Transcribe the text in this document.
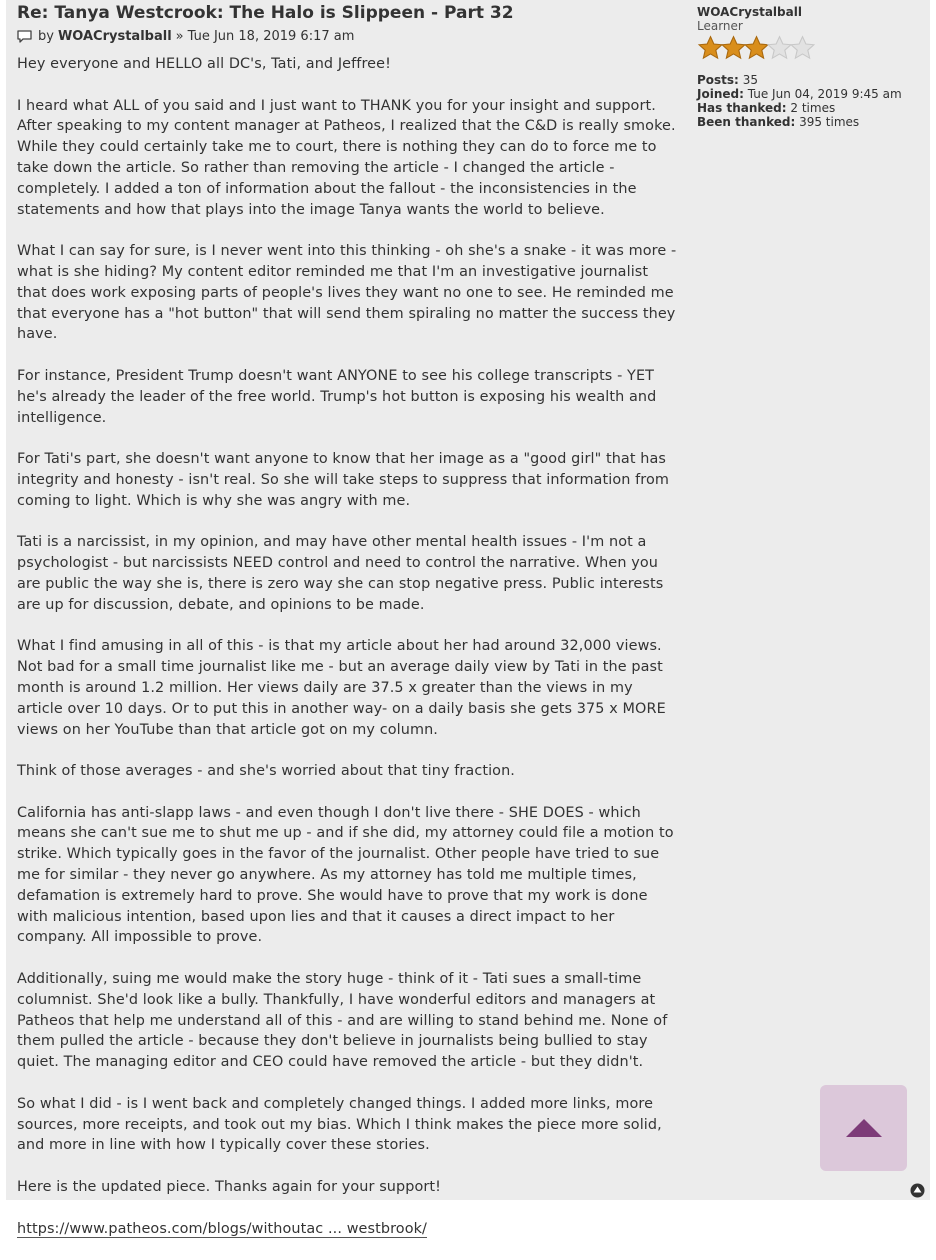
Re: Tanya Westcrook: The Halo is Slippeen - Part 32
by WOACrystalball » Tue Jun 18, 2019 6:17 am

Hey everyone and HELLO all DC's, Tati, and Jeffree!

I heard what ALL of you said and I just want to THANK you for your insight and support. After speaking to my content manager at Patheos, I realized that the C&D is really smoke. While they could certainly take me to court, there is nothing they can do to force me to take down the article. So rather than removing the article - I changed the article - completely. I added a ton of information about the fallout - the inconsistencies in the statements and how that plays into the image Tanya wants the world to believe.

What I can say for sure, is I never went into this thinking - oh she's a snake - it was more - what is she hiding? My content editor reminded me that I'm an investigative journalist that does work exposing parts of people's lives they want no one to see. He reminded me that everyone has a "hot button" that will send them spiraling no matter the success they have.

For instance, President Trump doesn't want ANYONE to see his college transcripts - YET he's already the leader of the free world. Trump's hot button is exposing his wealth and intelligence.

For Tati's part, she doesn't want anyone to know that her image as a "good girl" that has integrity and honesty - isn't real. So she will take steps to suppress that information from coming to light. Which is why she was angry with me.

Tati is a narcissist, in my opinion, and may have other mental health issues - I'm not a psychologist - but narcissists NEED control and need to control the narrative. When you are public the way she is, there is zero way she can stop negative press. Public interests are up for discussion, debate, and opinions to be made.

What I find amusing in all of this - is that my article about her had around 32,000 views. Not bad for a small time journalist like me - but an average daily view by Tati in the past month is around 1.2 million. Her views daily are 37.5 x greater than the views in my article over 10 days. Or to put this in another way- on a daily basis she gets 375 x MORE views on her YouTube than that article got on my column.

Think of those averages - and she's worried about that tiny fraction.

California has anti-slapp laws - and even though I don't live there - SHE DOES - which means she can't sue me to shut me up - and if she did, my attorney could file a motion to strike. Which typically goes in the favor of the journalist. Other people have tried to sue me for similar - they never go anywhere. As my attorney has told me multiple times, defamation is extremely hard to prove. She would have to prove that my work is done with malicious intention, based upon lies and that it causes a direct impact to her company. All impossible to prove.

Additionally, suing me would make the story huge - think of it - Tati sues a small-time columnist. She'd look like a bully. Thankfully, I have wonderful editors and managers at Patheos that help me understand all of this - and are willing to stand behind me. None of them pulled the article - because they don't believe in journalists being bullied to stay quiet. The managing editor and CEO could have removed the article - but they didn't.

So what I did - is I went back and completely changed things. I added more links, more sources, more receipts, and took out my bias. Which I think makes the piece more solid, and more in line with how I typically cover these stories.

Here is the updated piece. Thanks again for your support!

https://www.patheos.com/blogs/withoutac ... westbrook/

WOACrystalball
Learner
Posts: 35
Joined: Tue Jun 04, 2019 9:45 am
Has thanked: 2 times
Been thanked: 395 times
